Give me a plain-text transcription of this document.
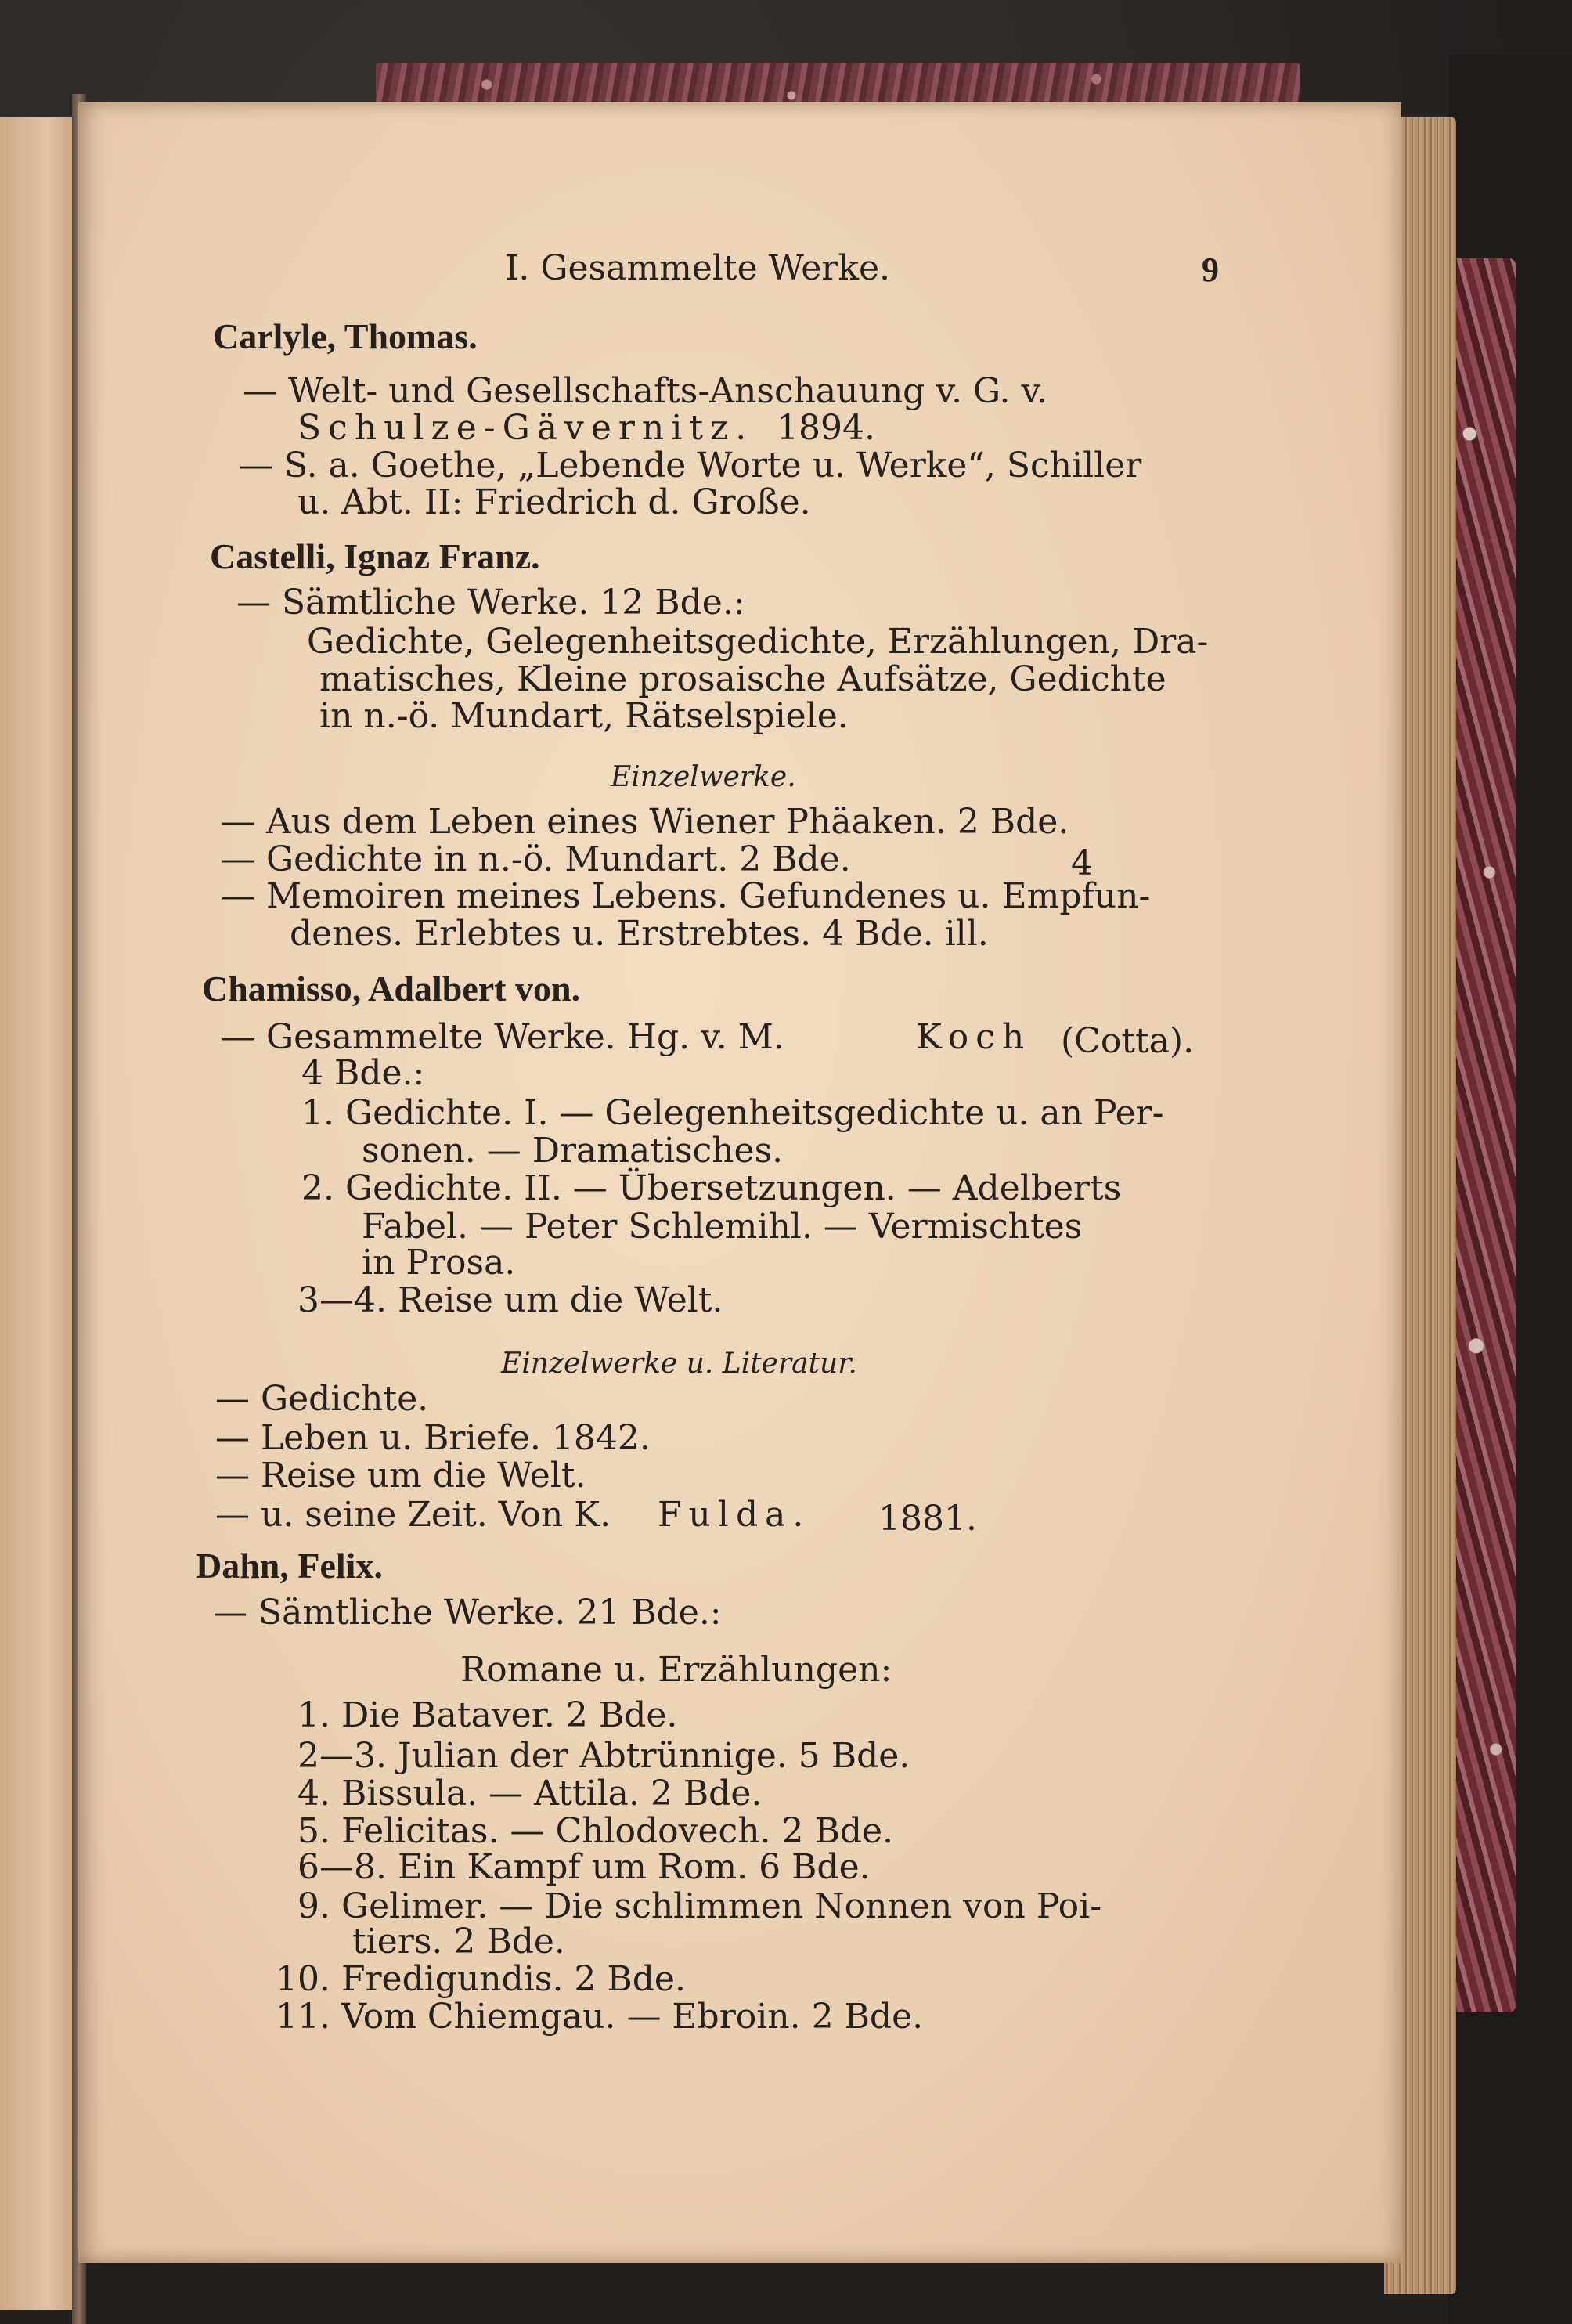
I. Gesammelte Werke.	9
Carlyle, Thomas.
— Welt- und Gesellschafts-Anschauung v. G. v.
Schulze-Gävernitz. 1894.
— S. a. Goethe, „Lebende Worte u. Werke“, Schiller
u. Abt. II: Friedrich d. Große.
Castelli, Ignaz Franz.
— Sämtliche Werke. 12 Bde.:
Gedichte, Gelegenheitsgedichte, Erzählungen, Dra-
matisches, Kleine prosaische Aufsätze, Gedichte
in n.-ö. Mundart, Rätselspiele.
Einzelwerke.
— Aus dem Leben eines Wiener Phäaken. 2 Bde.
— Gedichte in n.-ö. Mundart. 2 Bde.	4
— Memoiren meines Lebens. Gefundenes u. Empfun-
denes. Erlebtes u. Erstrebtes. 4 Bde. ill.
Chamisso, Adalbert von.
— Gesammelte Werke. Hg. v. M.	Koch (Cotta).
4 Bde.:
1. Gedichte. I. — Gelegenheitsgedichte u. an Per-
sonen. — Dramatisches.
2. Gedichte. II. — Übersetzungen. — Adelberts
Fabel. — Peter Schlemihl. — Vermischtes
in Prosa.
3—4. Reise um die Welt.
Einzelwerke u. Literatur.
— Gedichte.
— Leben u. Briefe. 1842.
— Reise um die Welt.
— u. seine Zeit. Von K. Fulda. 1881.
Dahn, Felix.
— Sämtliche Werke. 21 Bde.:
Romane u. Erzählungen:
1. Die Bataver. 2 Bde.
2—3. Julian der Abtrünnige. 5 Bde.
4. Bissula. — Attila. 2 Bde.
5. Felicitas. — Chlodovech. 2 Bde.
6—8. Ein Kampf um Rom. 6 Bde.
9. Gelimer. — Die schlimmen Nonnen von Poi-
tiers. 2 Bde.
10. Fredigundis. 2 Bde.
11. Vom Chiemgau. — Ebroin. 2 Bde.
